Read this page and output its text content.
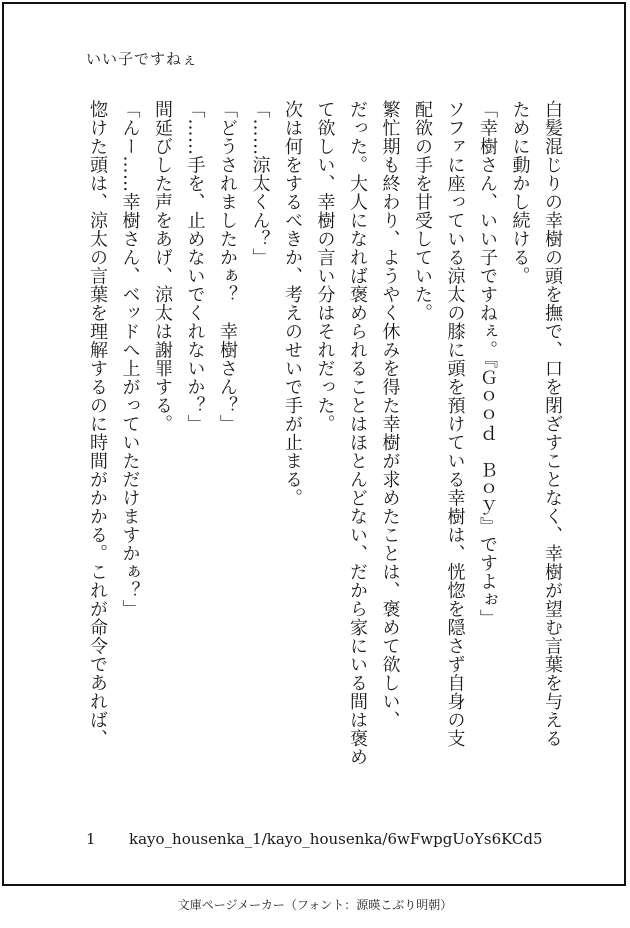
いい子ですねぇ
白髪混じりの幸樹の頭を撫で、口を閉ざすことなく、幸樹が望む言葉を与える
ために動かし続ける。
「幸樹さん、いい子ですねぇ。『Ｇｏｏｄ　Ｂｏｙ』ですよぉ」
ソファに座っている涼太の膝に頭を預けている幸樹は、恍惚を隠さず自身の支
配欲の手を甘受していた。
繁忙期も終わり、ようやく休みを得た幸樹が求めたことは、褒めて欲しい、
だった。大人になれば褒められることはほとんどない、だから家にいる間は褒め
て欲しい、幸樹の言い分はそれだった。
次は何をするべきか、考えのせいで手が止まる。
「……涼太くん？」
「どうされましたかぁ？　幸樹さん？」
「……手を、止めないでくれないか？」
間延びした声をあげ、涼太は謝罪する。
「んー……幸樹さん、ベッドへ上がっていただけますかぁ？」
惚けた頭は、涼太の言葉を理解するのに時間がかかる。これが命令であれば、
1 kayo_housenka_1/kayo_housenka/6wFwpgUoYs6KCd5
文庫ページメーカー（フォント：源暎こぶり明朝）
